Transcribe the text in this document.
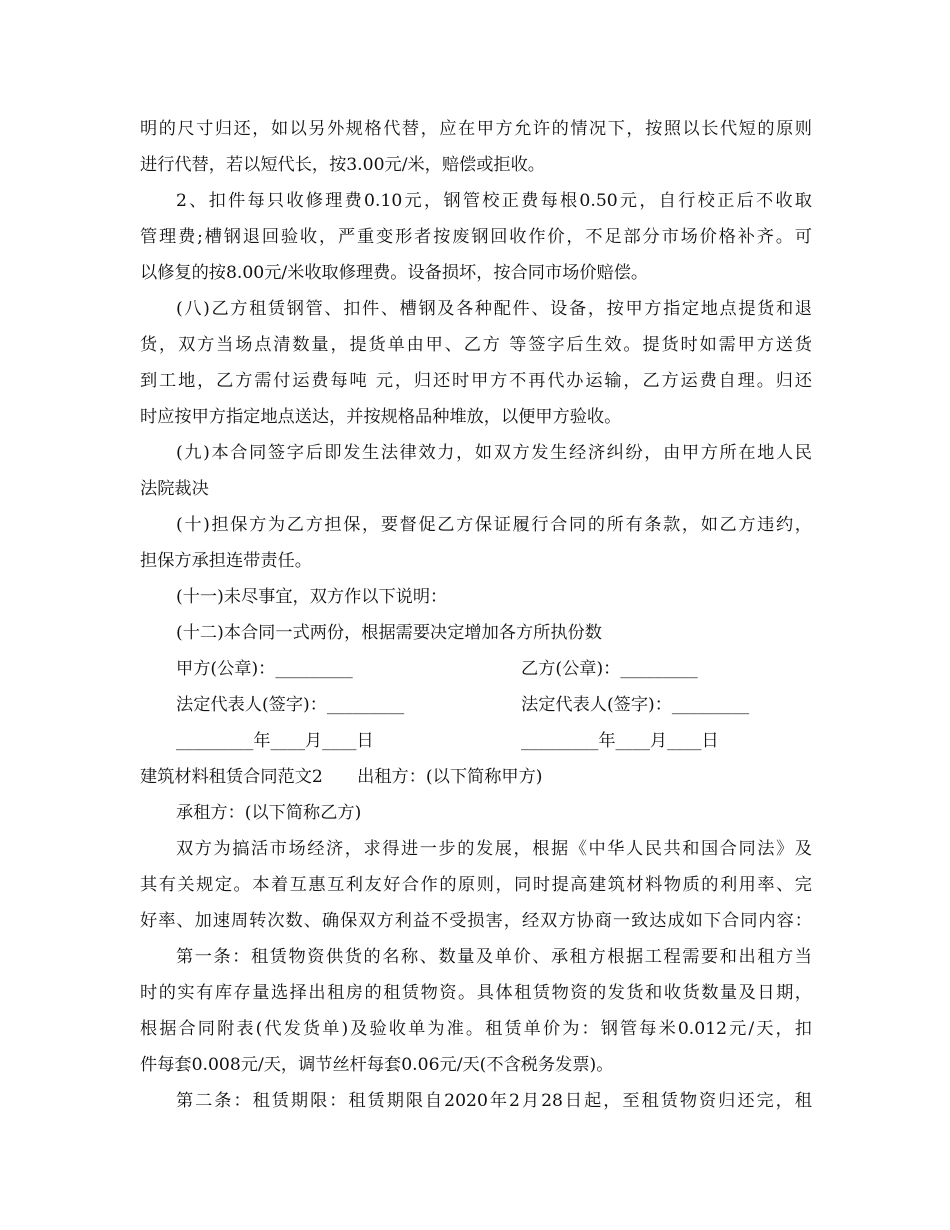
明的尺寸归还，如以另外规格代替，应在甲方允许的情况下，按照以长代短的原则
进行代替，若以短代长，按3.00元/米，赔偿或拒收。
2、扣件每只收修理费0.10元，钢管校正费每根0.50元，自行校正后不收取
管理费;槽钢退回验收，严重变形者按废钢回收作价，不足部分市场价格补齐。可
以修复的按8.00元/米收取修理费。设备损坏，按合同市场价赔偿。
(八)乙方租赁钢管、扣件、槽钢及各种配件、设备，按甲方指定地点提货和退
货，双方当场点清数量，提货单由甲、乙方 等签字后生效。提货时如需甲方送货
到工地，乙方需付运费每吨 元，归还时甲方不再代办运输，乙方运费自理。归还
时应按甲方指定地点送达，并按规格品种堆放，以便甲方验收。
(九)本合同签字后即发生法律效力，如双方发生经济纠纷，由甲方所在地人民
法院裁决
(十)担保方为乙方担保，要督促乙方保证履行合同的所有条款，如乙方违约，
担保方承担连带责任。
(十一)未尽事宜，双方作以下说明：
(十二)本合同一式两份，根据需要决定增加各方所执份数
甲方(公章)：_________
法定代表人(签字)：_________
_________年____月____日
乙方(公章)：_________
法定代表人(签字)：_________
_________年____月____日
建筑材料租赁合同范文2　　出租方：(以下简称甲方)
承租方：(以下简称乙方)
双方为搞活市场经济，求得进一步的发展，根据《中华人民共和国合同法》及
其有关规定。本着互惠互利友好合作的原则，同时提高建筑材料物质的利用率、完
好率、加速周转次数、确保双方利益不受损害，经双方协商一致达成如下合同内容：
第一条：租赁物资供货的名称、数量及单价、承租方根据工程需要和出租方当
时的实有库存量选择出租房的租赁物资。具体租赁物资的发货和收货数量及日期，
根据合同附表(代发货单)及验收单为准。租赁单价为：钢管每米0.012元/天，扣
件每套0.008元/天，调节丝杆每套0.06元/天(不含税务发票)。
第二条：租赁期限：租赁期限自2020年2月28日起，至租赁物资归还完，租
